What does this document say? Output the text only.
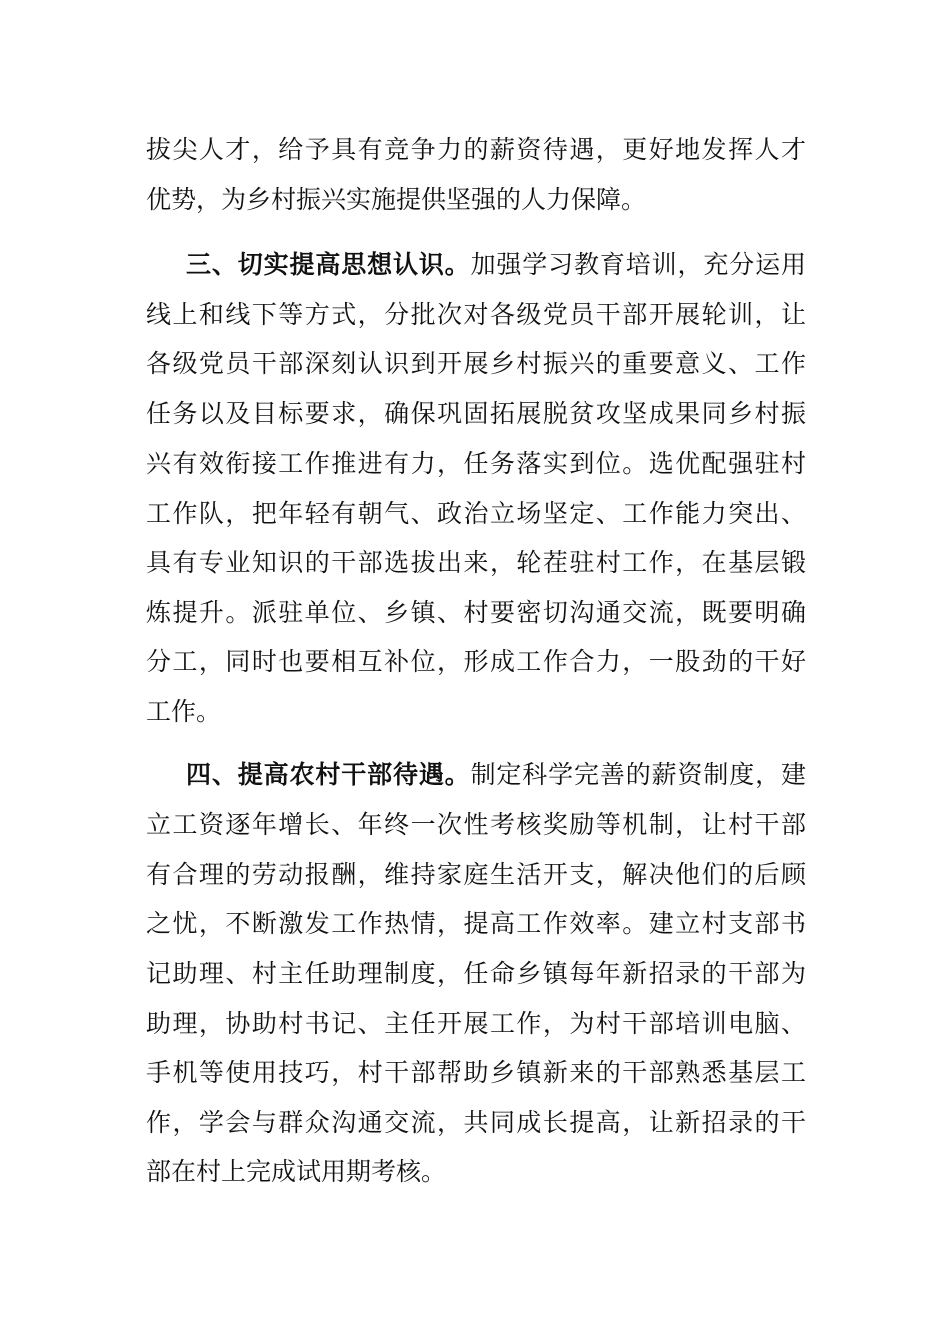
拔尖人才，给予具有竞争力的薪资待遇，更好地发挥人才
优势，为乡村振兴实施提供坚强的人力保障。
三、切实提高思想认识。加强学习教育培训，充分运用
线上和线下等方式，分批次对各级党员干部开展轮训，让
各级党员干部深刻认识到开展乡村振兴的重要意义、工作
任务以及目标要求，确保巩固拓展脱贫攻坚成果同乡村振
兴有效衔接工作推进有力，任务落实到位。选优配强驻村
工作队，把年轻有朝气、政治立场坚定、工作能力突出、
具有专业知识的干部选拔出来，轮茬驻村工作，在基层锻
炼提升。派驻单位、乡镇、村要密切沟通交流，既要明确
分工，同时也要相互补位，形成工作合力，一股劲的干好
工作。
四、提高农村干部待遇。制定科学完善的薪资制度，建
立工资逐年增长、年终一次性考核奖励等机制，让村干部
有合理的劳动报酬，维持家庭生活开支，解决他们的后顾
之忧，不断激发工作热情，提高工作效率。建立村支部书
记助理、村主任助理制度，任命乡镇每年新招录的干部为
助理，协助村书记、主任开展工作，为村干部培训电脑、
手机等使用技巧，村干部帮助乡镇新来的干部熟悉基层工
作，学会与群众沟通交流，共同成长提高，让新招录的干
部在村上完成试用期考核。
